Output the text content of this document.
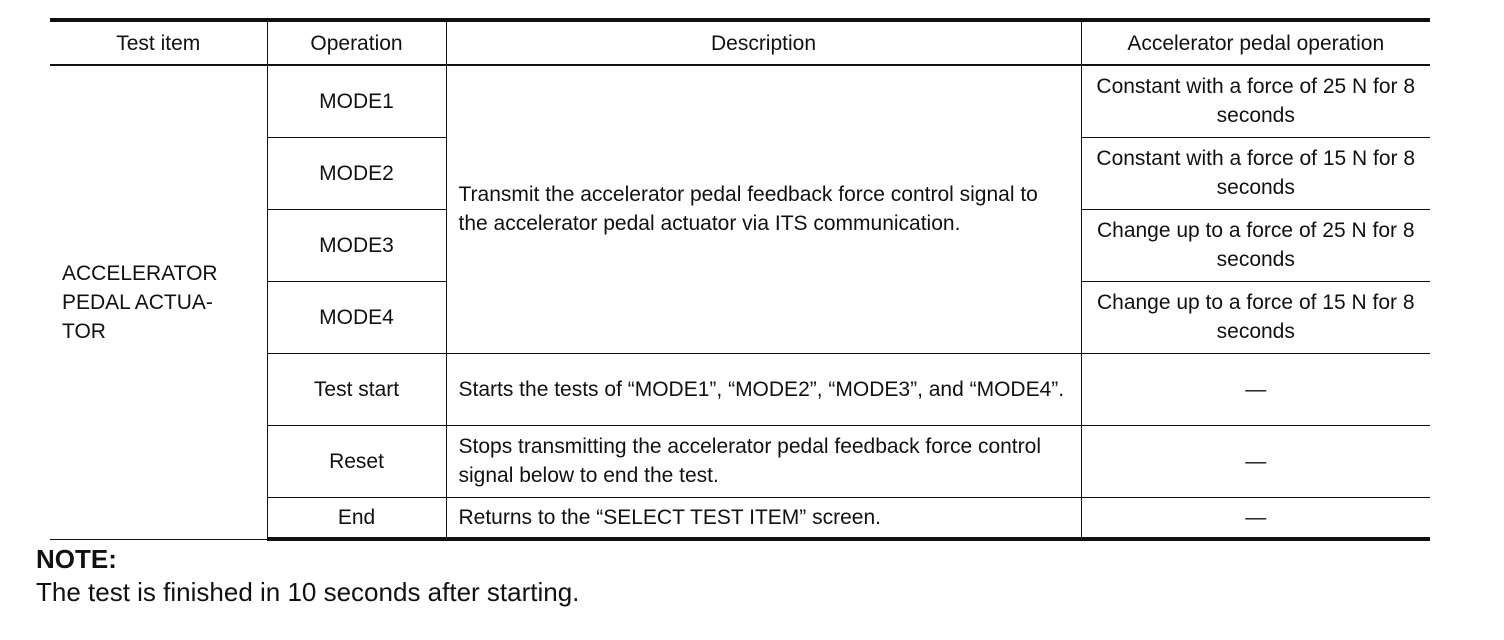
Test item	Operation	Description	Accelerator pedal operation

ACCELERATOR PEDAL ACTUA-TOR	MODE1	Transmit the accelerator pedal feedback force control signal to the accelerator pedal actuator via ITS communication.	Constant with a force of 25 N for 8 seconds
	MODE2		Constant with a force of 15 N for 8 seconds
	MODE3		Change up to a force of 25 N for 8 seconds
	MODE4		Change up to a force of 15 N for 8 seconds
	Test start	Starts the tests of “MODE1”, “MODE2”, “MODE3”, and “MODE4”.	—
	Reset	Stops transmitting the accelerator pedal feedback force control signal below to end the test.	—
	End	Returns to the “SELECT TEST ITEM” screen.	—
NOTE:
The test is finished in 10 seconds after starting.
